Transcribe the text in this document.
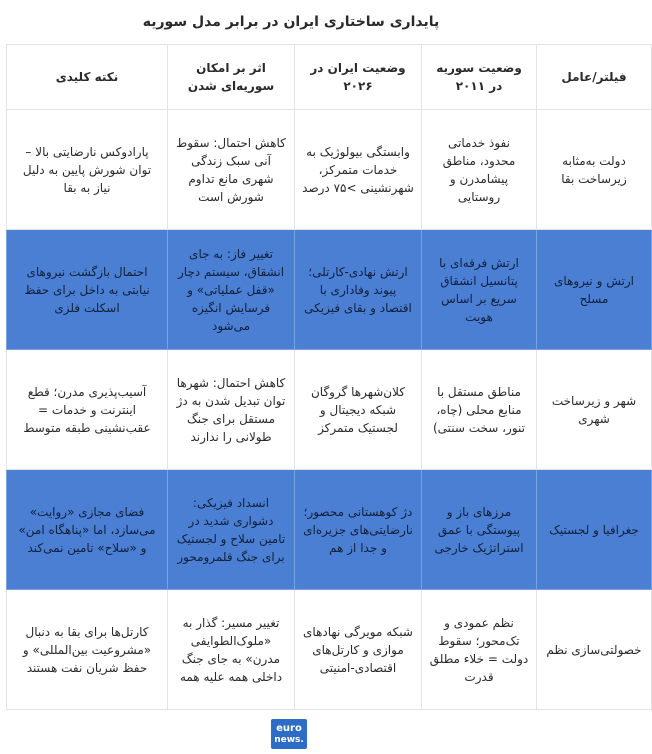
پایداری ساختاری ایران در برابر مدل سوریه
فیلتر/عامل	وضعیت سوریه در ۲۰۱۱	وضعیت ایران در ۲۰۲۶	اثر بر امکان سوریه‌ای شدن	نکته کلیدی
دولت به‌مثابه زیرساخت بقا	نفوذ خدماتی محدود، مناطق پیشامدرن و روستایی	وابستگی بیولوژیک به خدمات متمرکز، شهرنشینی >۷۵ درصد	کاهش احتمال: سقوط آنی سبک زندگی شهری مانع تداوم شورش است	پارادوکس نارضایتی بالا – توان شورش پایین به دلیل نیاز به بقا
ارتش و نیروهای مسلح	ارتش فرقه‌ای با پتانسیل انشقاق سریع بر اساس هویت	ارتش نهادی-کارتلی؛ پیوند وفاداری با اقتصاد و بقای فیزیکی	تغییر فاز: به جای انشقاق، سیستم دچار «قفل عملیاتی» و فرسایش انگیزه می‌شود	احتمال بازگشت نیروهای نیابتی به داخل برای حفظ اسکلت فلزی
شهر و زیرساخت شهری	مناطق مستقل با منابع محلی (چاه، تنور، سخت سنتی)	کلان‌شهرها گروگان شبکه دیجیتال و لجستیک متمرکز	کاهش احتمال: شهرها توان تبدیل شدن به دژ مستقل برای جنگ طولانی را ندارند	آسیب‌پذیری مدرن؛ قطع اینترنت و خدمات = عقب‌نشینی طبقه متوسط
جغرافیا و لجستیک	مرزهای باز و پیوستگی با عمق استراتژیک خارجی	دژ کوهستانی محصور؛ نارضایتی‌های جزیره‌ای و جدا از هم	انسداد فیزیکی: دشواری شدید در تامین سلاح و لجستیک برای جنگ قلمرومحور	فضای مجازی «روایت» می‌سازد، اما «پناهگاه امن» و «سلاح» تامین نمی‌کند
خصولتی‌سازی نظم	نظم عمودی و تک‌محور؛ سقوط دولت = خلاء مطلق قدرت	شبکه مویرگی نهادهای موازی و کارتل‌های اقتصادی-امنیتی	تغییر مسیر: گذار به «ملوک‌الطوایفی مدرن» به جای جنگ داخلی همه علیه همه	کارتل‌ها برای بقا به دنبال «مشروعیت بین‌المللی» و حفظ شریان نفت هستند
euro
news.
